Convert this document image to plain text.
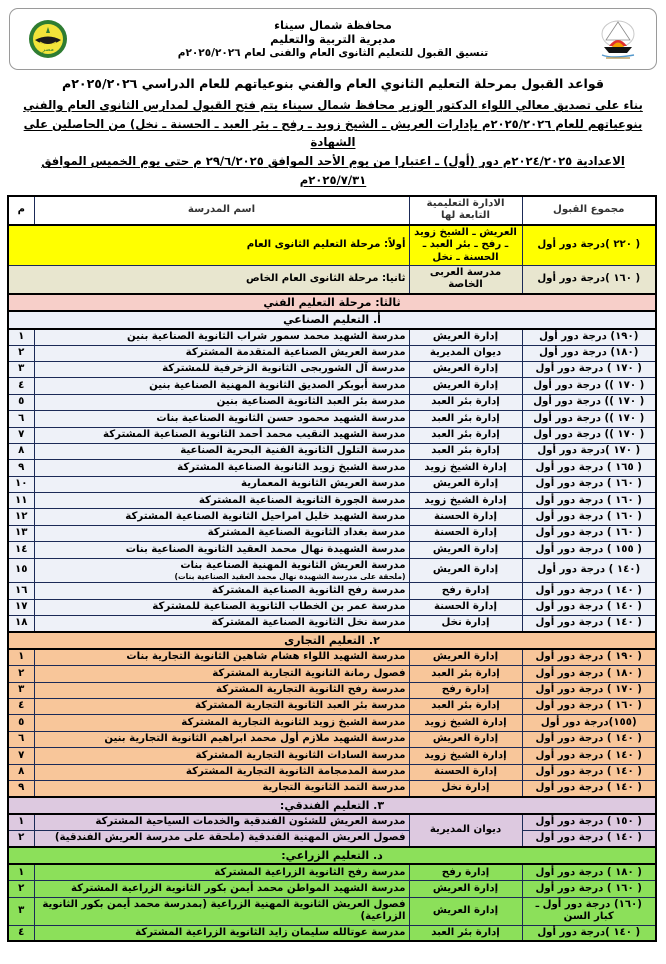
محافظة شمال سيناء
مديرية التربية والتعليم
تنسيق القبول للتعليم الثانوى العام والفنى لعام ٢٠٢٥/٢٠٢٦م
مصر
قواعد القبول بمرحلة التعليم الثانوي العام والفني بنوعياتهم للعام الدراسي ٢٠٢٥/٢٠٢٦م
بناء على تصديق معالي اللواء الدكتور الوزير محافظ شمال سيناء يتم فتح القبول لمدارس الثانوى العام والفني
بنوعياتهم للعام ٢٠٢٥/٢٠٢٦م بإدارات العريش ـ الشيخ زويد ـ رفح ـ بئر العبد ـ الحسنة ـ نخل) من الحاصلين على الشهادة
الاعدادية ٢٠٢٤/٢٠٢٥م دور (أول) ـ اعتبارا من يوم الأحد الموافق ٢٩/٦/٢٠٢٥ م حتى يوم الخميس الموافق ٢٠٢٥/٧/٣١م
مجموع القبول	الادارة التعليمية التابعة لها	اسم المدرسة	م
( ٢٢٠ )درجة دور أول	العريش ـ الشيخ زويد ـ رفح ـ بئر العبد ـ الحسنة ـ نخل	أولاً: مرحلة التعليم الثانوى العام	
( ١٦٠ )درجة دور أول	مدرسة العربى الخاصة	ثانيا: مرحلة الثانوى العام الخاص	
ثالثا: مرحلة التعليم الفني			
‌أ. التعليم الصناعي			
(١٩٠) درجة دور أول	إدارة العريش	مدرسة الشهيد محمد سمور شراب الثانوية الصناعية بنين	١
(١٨٠) درجة دور أول	ديوان المديرية	مدرسة العريش الصناعية المتقدمة المشتركة	٢
( ١٧٠ ) درجة دور أول	إدارة العريش	مدرسة آل الشوربجى الثانوية الزخرفية للمشتركة	٣
( ١٧٠ )) درجة دور أول	إدارة العريش	مدرسة أبوبكر الصديق الثانوية المهنية الصناعية بنين	٤
( ١٧٠ )) درجة دور أول	إدارة بئر العبد	مدرسة بئر العبد الثانوية الصناعية بنين	٥
( ١٧٠ )) درجة دور أول	إدارة بئر العبد	مدرسة الشهيد محمود حسن الثانوية الصناعية بنات	٦
( ١٧٠ )) درجة دور أول	إدارة بئر العبد	مدرسة الشهيد النقيب محمد أحمد الثانوية الصناعية المشتركة	٧
( ١٧٠ )درجة دور أول	إدارة بئر العبد	مدرسة التلول الثانوية الفنية البحرية الصناعية	٨
( ١٦٥ ) درجة دور أول	إدارة الشيخ زويد	مدرسة الشيخ زويد الثانوية الصناعية المشتركة	٩
( ١٦٠ ) درجة دور أول	إدارة العريش	مدرسة العريش الثانوية المعمارية	١٠
( ١٦٠ ) درجة دور أول	إدارة الشيخ زويد	مدرسة الجورة الثانوية الصناعية المشتركة	١١
( ١٦٠ ) درجة دور أول	إدارة الحسنة	مدرسة الشهيد خليل امراحيل الثانوية الصناعية المشتركة	١٢
( ١٦٠ ) درجة دور أول	إدارة الحسنة	مدرسة بغداد الثانوية الصناعية المشتركة	١٣
( ١٥٥ ) درجة دور أول	إدارة العريش	مدرسة الشهيدة نهال محمد العقيد الثانوية الصناعية بنات	١٤
(١٤٠ ) درجة دور أول	إدارة العريش	مدرسة العريش الثانوية المهنية الصناعية بنات
(ملحقة على مدرسة الشهيدة نهال محمد العقيد الصناعية بنات)	١٥
( ١٤٠ ) درجة دور أول	إدارة رفح	مدرسة رفح الثانوية الصناعية المشتركة	١٦
( ١٤٠ ) درجة دور أول	إدارة الحسنة	مدرسة عمر بن الخطاب الثانوية الصناعية للمشتركة	١٧
( ١٤٠ ) درجة دور أول	إدارة نخل	مدرسة نخل الثانوية الصناعية المشتركة	١٨
٢. التعليم التجارى			
( ١٩٠ ) درجة دور أول	إدارة العريش	مدرسة الشهيد اللواء هشام شاهين الثانوية التجارية بنات	١
( ١٨٠ ) درجة دور أول	إدارة بئر العبد	فصول رمانة الثانوية التجارية المشتركة	٢
( ١٧٠ ) درجة دور أول	إدارة رفح	مدرسة رفح الثانوية التجارية المشتركة	٣
( ١٦٠ ) درجة دور أول	إدارة بئر العبد	مدرسة بئر العبد الثانوية التجارية المشتركة	٤
(١٥٥)درجة دور أول	إدارة الشيخ زويد	مدرسة الشيخ زويد الثانوية التجارية المشتركة	٥
( ١٤٠ ) درجة دور أول	إدارة العريش	مدرسة الشهيد ملازم أول محمد ابراهيم الثانوية التجارية بنين	٦
( ١٤٠ ) درجة دور أول	إدارة الشيخ زويد	مدرسة السادات الثانوية التجارية المشتركة	٧
( ١٤٠ ) درجة دور أول	إدارة الحسنة	مدرسة المدمجامة الثانوية التجارية المشتركة	٨
( ١٤٠ ) درجة دور أول	إدارة نخل	مدرسة التمد الثانوية التجارية	٩
٣. التعليم الفندقي:			
( ١٥٠ ) درجة دور أول	ديوان المديرية	مدرسة العريش للشئون الفندقية والخدمات السياحية المشتركة	١
( ١٤٠ ) درجة دور أول		فصول العريش المهنية الفندقية (ملحقة على مدرسة العريش الفندقية)	٢
د. التعليم الزراعي:			
( ١٨٠ ) درجة دور أول	إدارة رفح	مدرسة رفح الثانوية الزراعية المشتركة	١
( ١٦٠ ) درجة دور أول	إدارة العريش	مدرسة الشهيد المواطن محمد أيمن بكور الثانوية الزراعية المشتركة	٢
(١٦٠) درجة دور أول ـ كبار السن	إدارة العريش	فصول العريش الثانوية المهنية الزراعية (بمدرسة محمد أيمن بكور الثانوية الزراعية)	٣
( ١٤٠ )درجة دور أول	إدارة بئر العبد	مدرسة عوتالله سليمان زايد الثانوية الزراعية المشتركة	٤
